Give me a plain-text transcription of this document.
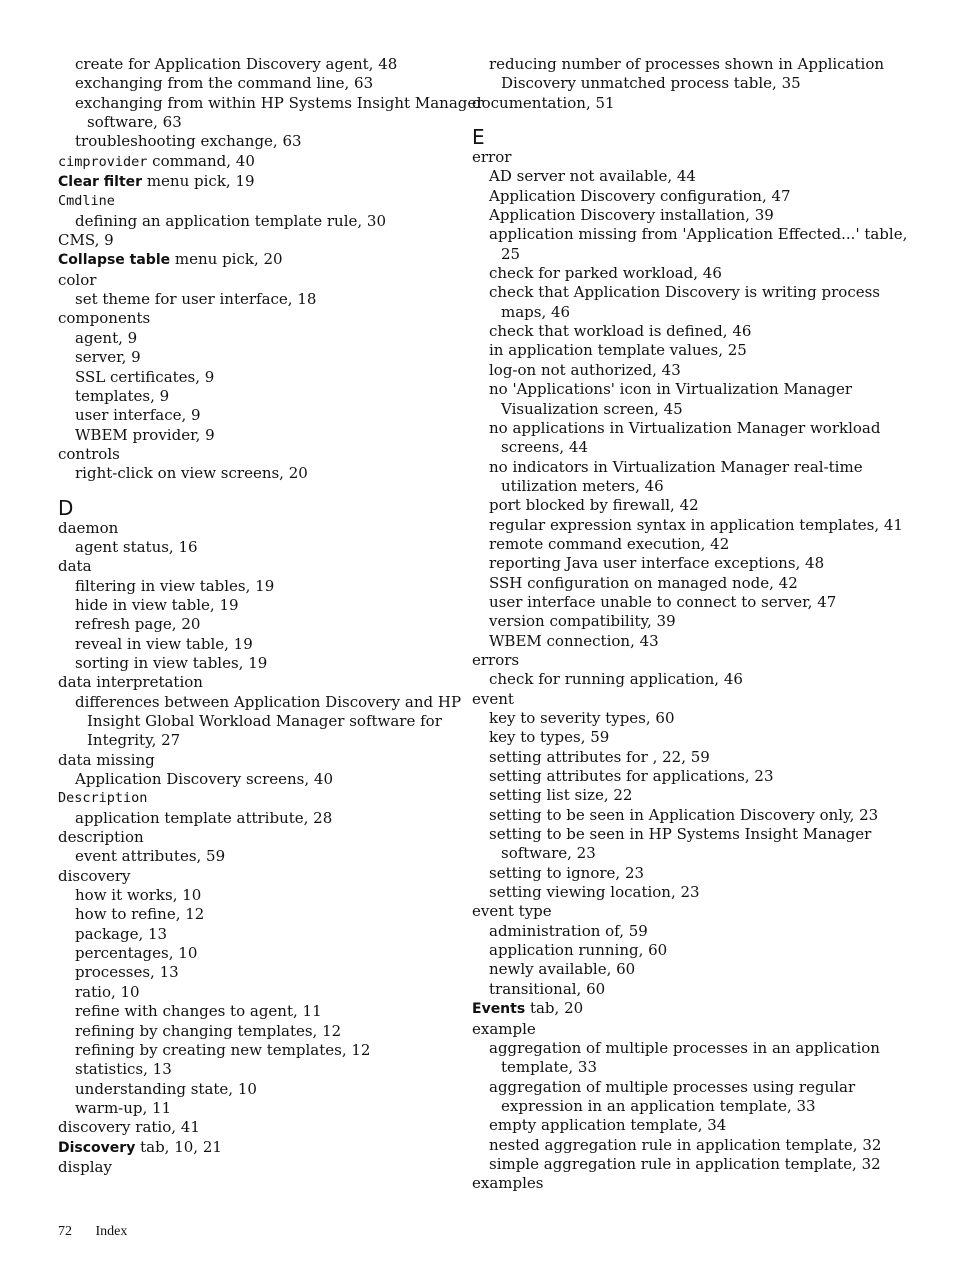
create for Application Discovery agent, 48
exchanging from the command line, 63
exchanging from within HP Systems Insight Manager
software, 63
troubleshooting exchange, 63
cimprovider command, 40
Clear filter menu pick, 19
Cmdline
defining an application template rule, 30
CMS, 9
Collapse table menu pick, 20
color
set theme for user interface, 18
components
agent, 9
server, 9
SSL certificates, 9
templates, 9
user interface, 9
WBEM provider, 9
controls
right-click on view screens, 20
D
daemon
agent status, 16
data
filtering in view tables, 19
hide in view table, 19
refresh page, 20
reveal in view table, 19
sorting in view tables, 19
data interpretation
differences between Application Discovery and HP
Insight Global Workload Manager software for
Integrity, 27
data missing
Application Discovery screens, 40
Description
application template attribute, 28
description
event attributes, 59
discovery
how it works, 10
how to refine, 12
package, 13
percentages, 10
processes, 13
ratio, 10
refine with changes to agent, 11
refining by changing templates, 12
refining by creating new templates, 12
statistics, 13
understanding state, 10
warm-up, 11
discovery ratio, 41
Discovery tab, 10, 21
display
reducing number of processes shown in Application
Discovery unmatched process table, 35
documentation, 51
E
error
AD server not available, 44
Application Discovery configuration, 47
Application Discovery installation, 39
application missing from 'Application Effected...' table,
25
check for parked workload, 46
check that Application Discovery is writing process
maps, 46
check that workload is defined, 46
in application template values, 25
log-on not authorized, 43
no 'Applications' icon in Virtualization Manager
Visualization screen, 45
no applications in Virtualization Manager workload
screens, 44
no indicators in Virtualization Manager real-time
utilization meters, 46
port blocked by firewall, 42
regular expression syntax in application templates, 41
remote command execution, 42
reporting Java user interface exceptions, 48
SSH configuration on managed node, 42
user interface unable to connect to server, 47
version compatibility, 39
WBEM connection, 43
errors
check for running application, 46
event
key to severity types, 60
key to types, 59
setting attributes for , 22, 59
setting attributes for applications, 23
setting list size, 22
setting to be seen in Application Discovery only, 23
setting to be seen in HP Systems Insight Manager
software, 23
setting to ignore, 23
setting viewing location, 23
event type
administration of, 59
application running, 60
newly available, 60
transitional, 60
Events tab, 20
example
aggregation of multiple processes in an application
template, 33
aggregation of multiple processes using regular
expression in an application template, 33
empty application template, 34
nested aggregation rule in application template, 32
simple aggregation rule in application template, 32
examples
72 Index
